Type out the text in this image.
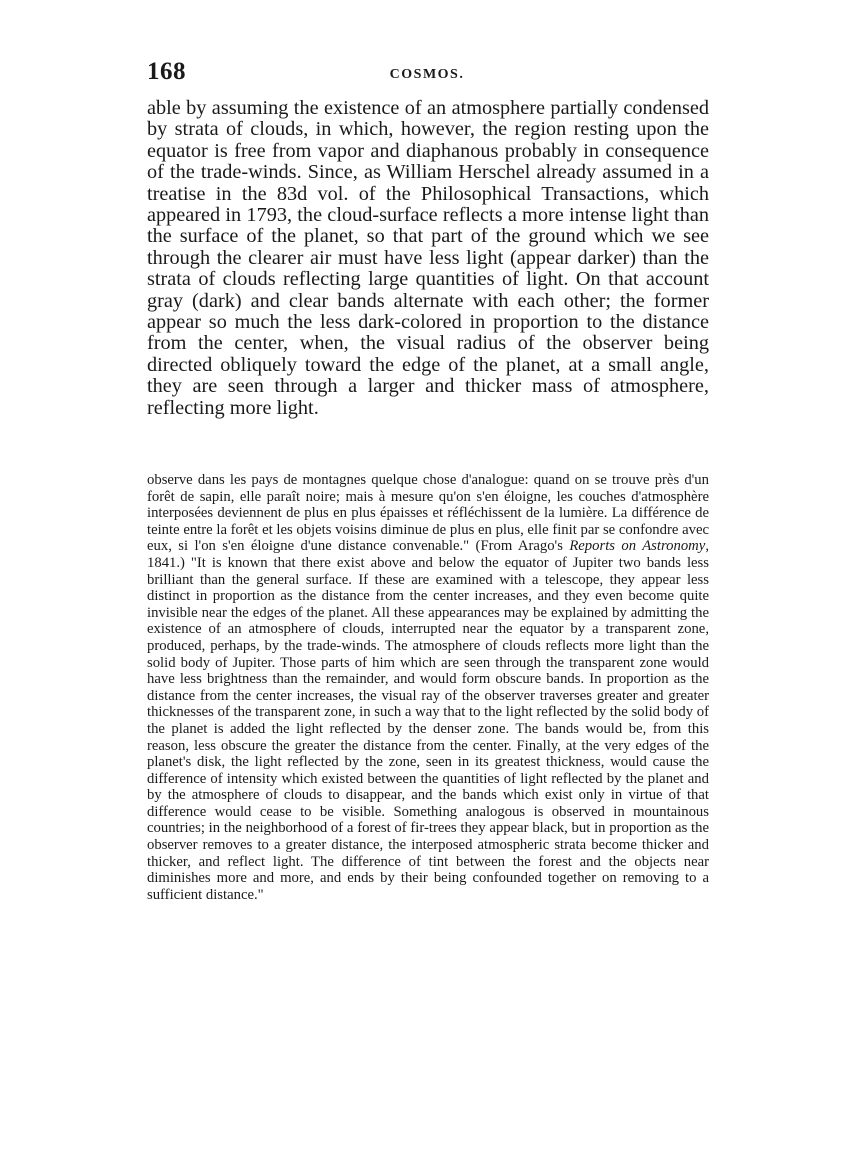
168	COSMOS.

able by assuming the existence of an atmosphere partially condensed by strata of clouds, in which, however, the region resting upon the equator is free from vapor and diaphanous probably in consequence of the trade-winds. Since, as William Herschel already assumed in a treatise in the 83d vol. of the Philosophical Transactions, which appeared in 1793, the cloud-surface reflects a more intense light than the surface of the planet, so that part of the ground which we see through the clearer air must have less light (appear darker) than the strata of clouds reflecting large quantities of light. On that account gray (dark) and clear bands alternate with each other; the former appear so much the less dark-colored in proportion to the distance from the center, when, the visual radius of the observer being directed obliquely toward the edge of the planet, at a small angle, they are seen through a larger and thicker mass of atmosphere, reflecting more light.

observe dans les pays de montagnes quelque chose d'analogue: quand on se trouve près d'un forêt de sapin, elle paraît noire; mais à mesure qu'on s'en éloigne, les couches d'atmosphère interposées deviennent de plus en plus épaisses et réfléchissent de la lumière. La différence de teinte entre la forêt et les objets voisins diminue de plus en plus, elle finit par se confondre avec eux, si l'on s'en éloigne d'une distance convenable." (From Arago's Reports on Astronomy, 1841.) "It is known that there exist above and below the equator of Jupiter two bands less brilliant than the general surface. If these are examined with a telescope, they appear less distinct in proportion as the distance from the center increases, and they even become quite invisible near the edges of the planet. All these appearances may be explained by admitting the existence of an atmosphere of clouds, interrupted near the equator by a transparent zone, produced, perhaps, by the trade-winds. The atmosphere of clouds reflects more light than the solid body of Jupiter. Those parts of him which are seen through the transparent zone would have less brightness than the remainder, and would form obscure bands. In proportion as the distance from the center increases, the visual ray of the observer traverses greater and greater thicknesses of the transparent zone, in such a way that to the light reflected by the solid body of the planet is added the light reflected by the denser zone. The bands would be, from this reason, less obscure the greater the distance from the center. Finally, at the very edges of the planet's disk, the light reflected by the zone, seen in its greatest thickness, would cause the difference of intensity which existed between the quantities of light reflected by the planet and by the atmosphere of clouds to disappear, and the bands which exist only in virtue of that difference would cease to be visible. Something analogous is observed in mountainous countries; in the neighborhood of a forest of fir-trees they appear black, but in proportion as the observer removes to a greater distance, the interposed atmospheric strata become thicker and thicker, and reflect light. The difference of tint between the forest and the objects near diminishes more and more, and ends by their being confounded together on removing to a sufficient distance."
